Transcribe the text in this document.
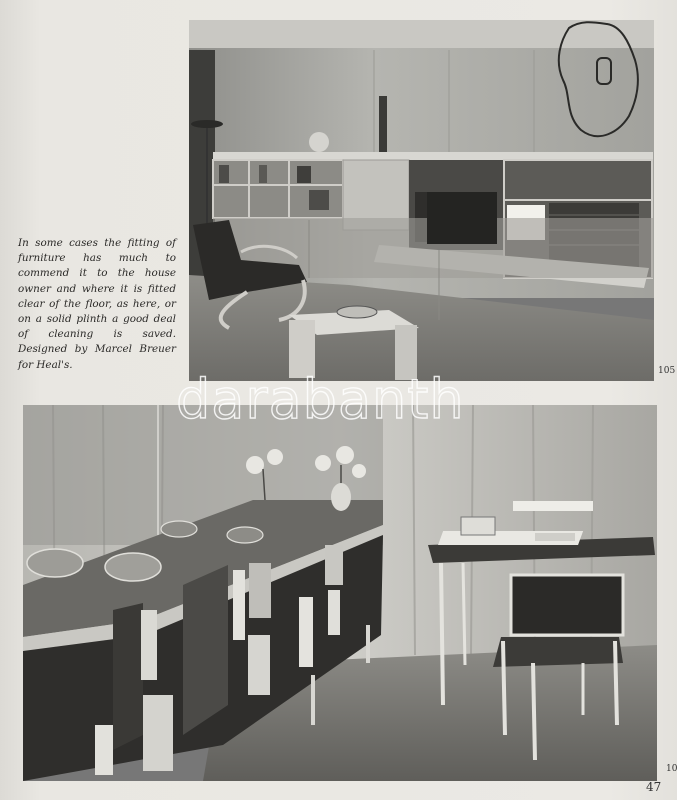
In some cases the fitting of furniture has much to commend it to the house owner and where it is fitted clear of the floor, as here, or on a solid plinth a good deal of cleaning is saved. Designed by Marcel Breuer for Heal's.
105
10
darabanth
47
